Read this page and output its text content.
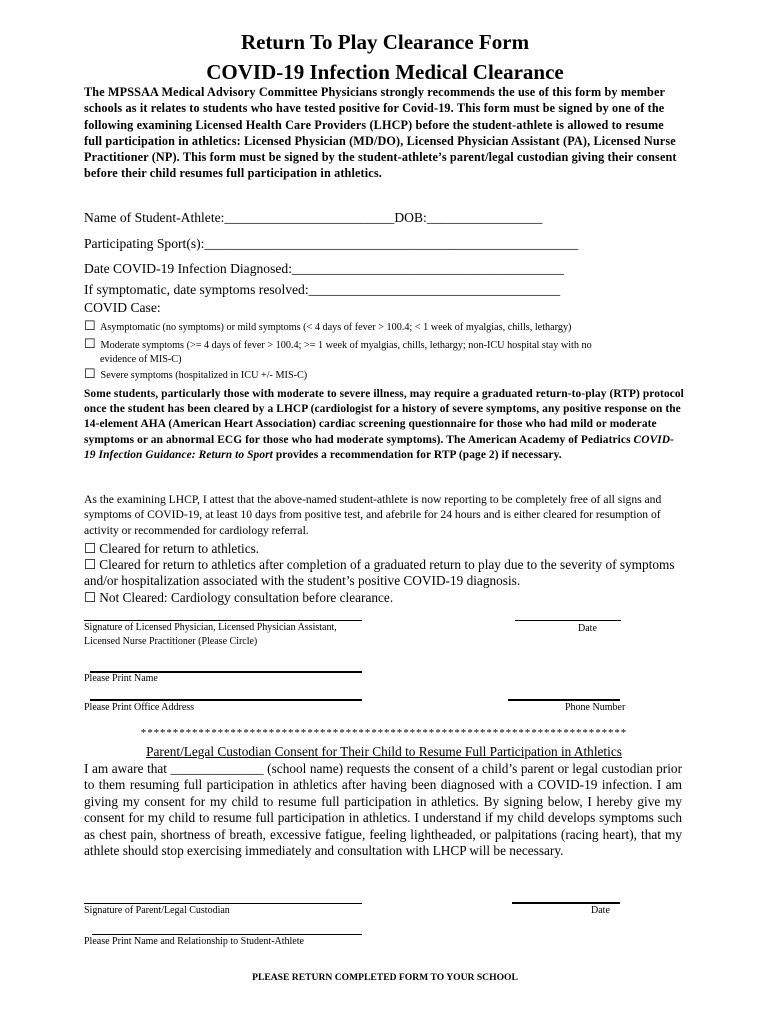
Return To Play Clearance Form
COVID-19 Infection Medical Clearance
The MPSSAA Medical Advisory Committee Physicians strongly recommends the use of this form by member schools as it relates to students who have tested positive for Covid-19. This form must be signed by one of the following examining Licensed Health Care Providers (LHCP) before the student-athlete is allowed to resume full participation in athletics: Licensed Physician (MD/DO), Licensed Physician Assistant (PA), Licensed Nurse Practitioner (NP). This form must be signed by the student-athlete’s parent/legal custodian giving their consent before their child resumes full participation in athletics.
Name of Student-Athlete:_________________________DOB:_________________
Participating Sport(s):_______________________________________________________
Date COVID-19 Infection Diagnosed:________________________________________
If symptomatic, date symptoms resolved:_____________________________________
COVID Case:
☐ Asymptomatic (no symptoms) or mild symptoms (< 4 days of fever > 100.4; < 1 week of myalgias, chills, lethargy)
☐ Moderate symptoms (>= 4 days of fever > 100.4; >= 1 week of myalgias, chills, lethargy; non-ICU hospital stay with no
evidence of MIS-C)
☐ Severe symptoms (hospitalized in ICU +/- MIS-C)
Some students, particularly those with moderate to severe illness, may require a graduated return-to-play (RTP) protocol once the student has been cleared by a LHCP (cardiologist for a history of severe symptoms, any positive response on the 14-element AHA (American Heart Association) cardiac screening questionnaire for those who had mild or moderate symptoms or an abnormal ECG for those who had moderate symptoms). The American Academy of Pediatrics COVID-19 Infection Guidance: Return to Sport provides a recommendation for RTP (page 2) if necessary.
As the examining LHCP, I attest that the above-named student-athlete is now reporting to be completely free of all signs and symptoms of COVID-19, at least 10 days from positive test, and afebrile for 24 hours and is either cleared for resumption of activity or recommended for cardiology referral.
☐ Cleared for return to athletics.
☐ Cleared for return to athletics after completion of a graduated return to play due to the severity of symptoms and/or hospitalization associated with the student’s positive COVID-19 diagnosis.
☐ Not Cleared: Cardiology consultation before clearance.
Signature of Licensed Physician, Licensed Physician Assistant,
Licensed Nurse Practitioner (Please Circle)
Date
Please Print Name
Please Print Office Address	Phone Number
****************************************************************************
Parent/Legal Custodian Consent for Their Child to Resume Full Participation in Athletics
I am aware that ______________ (school name) requests the consent of a child’s parent or legal custodian prior to them resuming full participation in athletics after having been diagnosed with a COVID-19 infection. I am giving my consent for my child to resume full participation in athletics. By signing below, I hereby give my consent for my child to resume full participation in athletics. I understand if my child develops symptoms such as chest pain, shortness of breath, excessive fatigue, feeling lightheaded, or palpitations (racing heart), that my athlete should stop exercising immediately and consultation with LHCP will be necessary.
Signature of Parent/Legal Custodian	Date
Please Print Name and Relationship to Student-Athlete
PLEASE RETURN COMPLETED FORM TO YOUR SCHOOL
